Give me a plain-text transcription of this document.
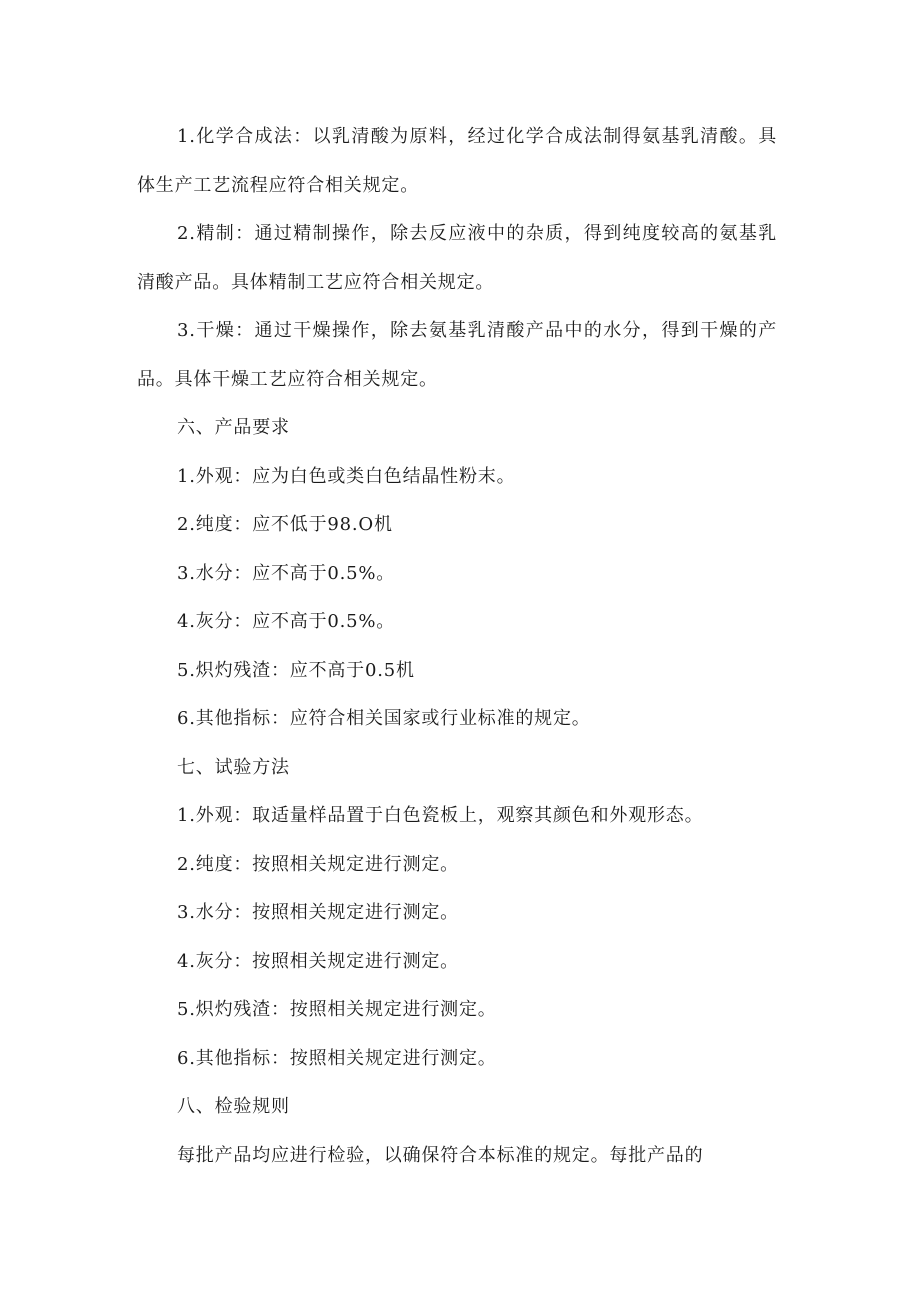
1.化学合成法：以乳清酸为原料，经过化学合成法制得氨基乳清酸。具体生产工艺流程应符合相关规定。

2.精制：通过精制操作，除去反应液中的杂质，得到纯度较高的氨基乳清酸产品。具体精制工艺应符合相关规定。

3.干燥：通过干燥操作，除去氨基乳清酸产品中的水分，得到干燥的产品。具体干燥工艺应符合相关规定。

六、产品要求

1.外观：应为白色或类白色结晶性粉末。

2.纯度：应不低于98.O机

3.水分：应不高于0.5%。

4.灰分：应不高于0.5%。

5.炽灼残渣：应不高于0.5机

6.其他指标：应符合相关国家或行业标准的规定。

七、试验方法

1.外观：取适量样品置于白色瓷板上，观察其颜色和外观形态。

2.纯度：按照相关规定进行测定。

3.水分：按照相关规定进行测定。

4.灰分：按照相关规定进行测定。

5.炽灼残渣：按照相关规定进行测定。

6.其他指标：按照相关规定进行测定。

八、检验规则

每批产品均应进行检验，以确保符合本标准的规定。每批产品的
